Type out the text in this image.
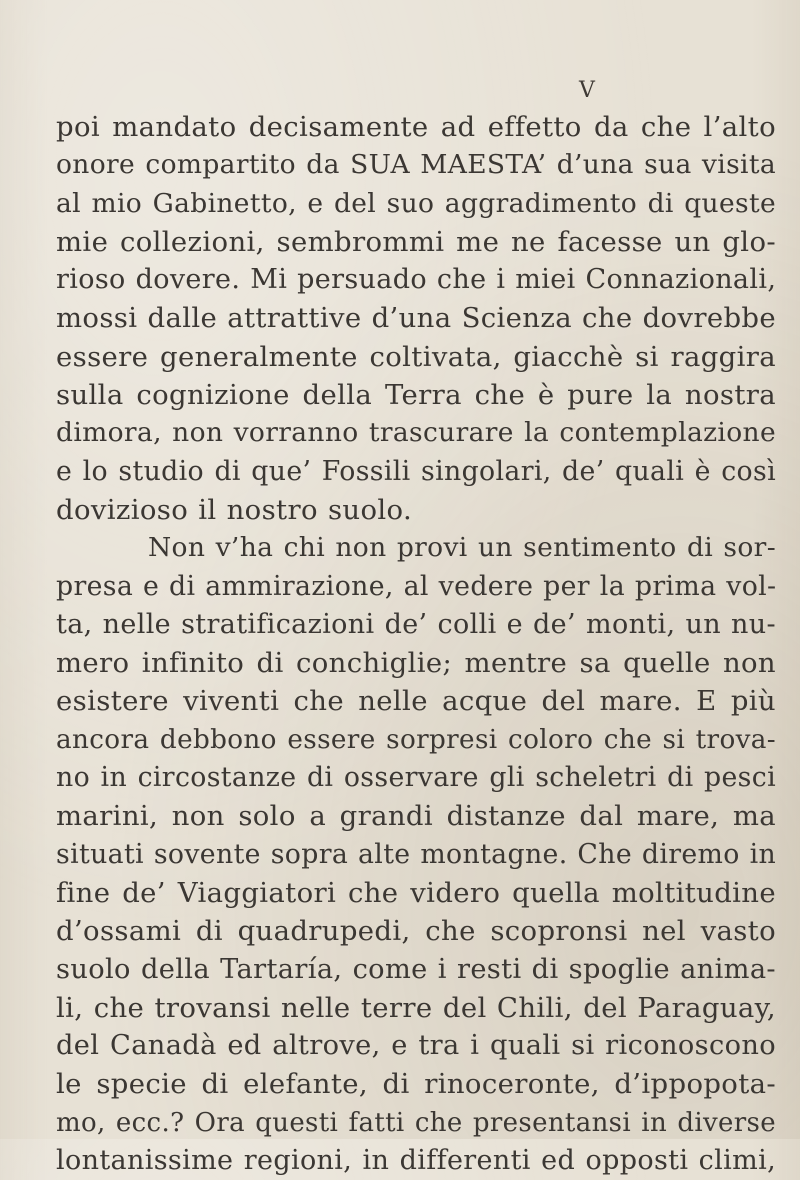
V
poi mandato decisamente ad effetto da che l’alto
onore compartito da SUA MAESTA’ d’una sua visita
al mio Gabinetto, e del suo aggradimento di queste
mie collezioni, sembrommi me ne facesse un glo-
rioso dovere. Mi persuado che i miei Connazionali,
mossi dalle attrattive d’una Scienza che dovrebbe
essere generalmente coltivata, giacchè si raggira
sulla cognizione della Terra che è pure la nostra
dimora, non vorranno trascurare la contemplazione
e lo studio di que’ Fossili singolari, de’ quali è così
dovizioso il nostro suolo.
Non v’ha chi non provi un sentimento di sor-
presa e di ammirazione, al vedere per la prima vol-
ta, nelle stratificazioni de’ colli e de’ monti, un nu-
mero infinito di conchiglie; mentre sa quelle non
esistere viventi che nelle acque del mare. E più
ancora debbono essere sorpresi coloro che si trova-
no in circostanze di osservare gli scheletri di pesci
marini, non solo a grandi distanze dal mare, ma
situati sovente sopra alte montagne. Che diremo in
fine de’ Viaggiatori che videro quella moltitudine
d’ossami di quadrupedi, che scopronsi nel vasto
suolo della Tartaría, come i resti di spoglie anima-
li, che trovansi nelle terre del Chili, del Paraguay,
del Canadà ed altrove, e tra i quali si riconoscono
le specie di elefante, di rinoceronte, d’ippopota-
mo, ecc.? Ora questi fatti che presentansi in diverse
lontanissime regioni, in differenti ed opposti climi,
